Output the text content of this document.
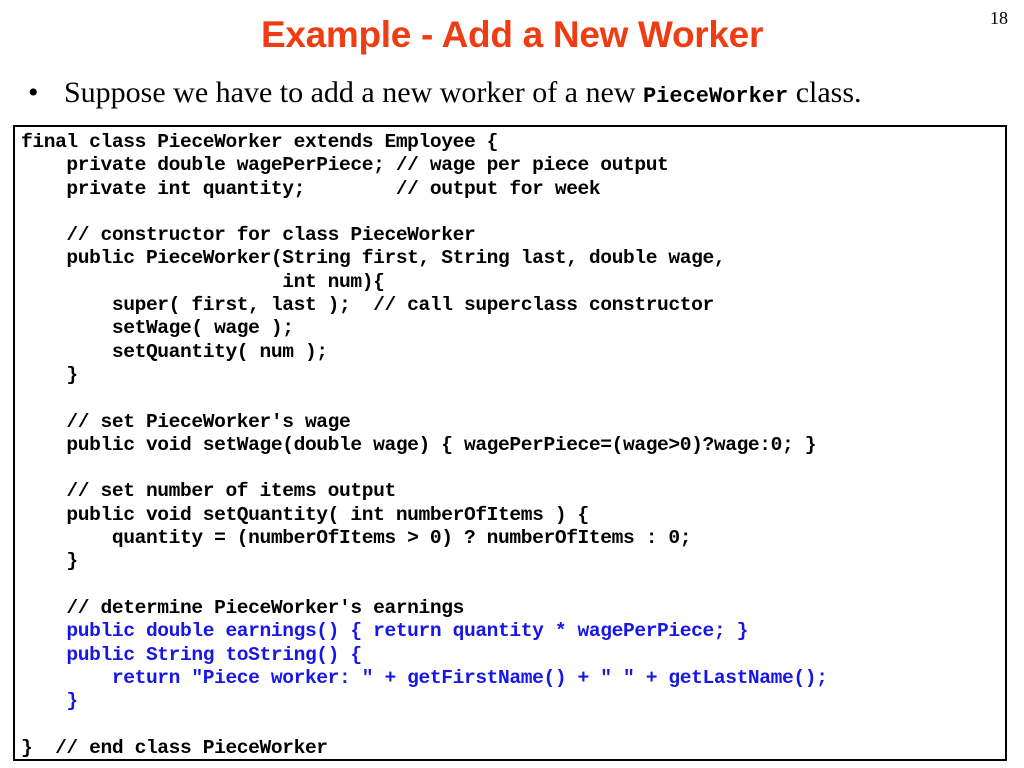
18
Example - Add a New Worker
• Suppose we have to add a new worker of a new PieceWorker class.
final class PieceWorker extends Employee {
private double wagePerPiece; // wage per piece output
private int quantity;        // output for week
// constructor for class PieceWorker
public PieceWorker(String first, String last, double wage,
int num){
super( first, last );  // call superclass constructor
setWage( wage );
setQuantity( num );
}
// set PieceWorker's wage
public void setWage(double wage) { wagePerPiece=(wage>0)?wage:0; }
// set number of items output
public void setQuantity( int numberOfItems ) {
quantity = (numberOfItems > 0) ? numberOfItems : 0;
}
// determine PieceWorker's earnings
public double earnings() { return quantity * wagePerPiece; }
public String toString() {
return "Piece worker: " + getFirstName() + " " + getLastName();
}
}  // end class PieceWorker
